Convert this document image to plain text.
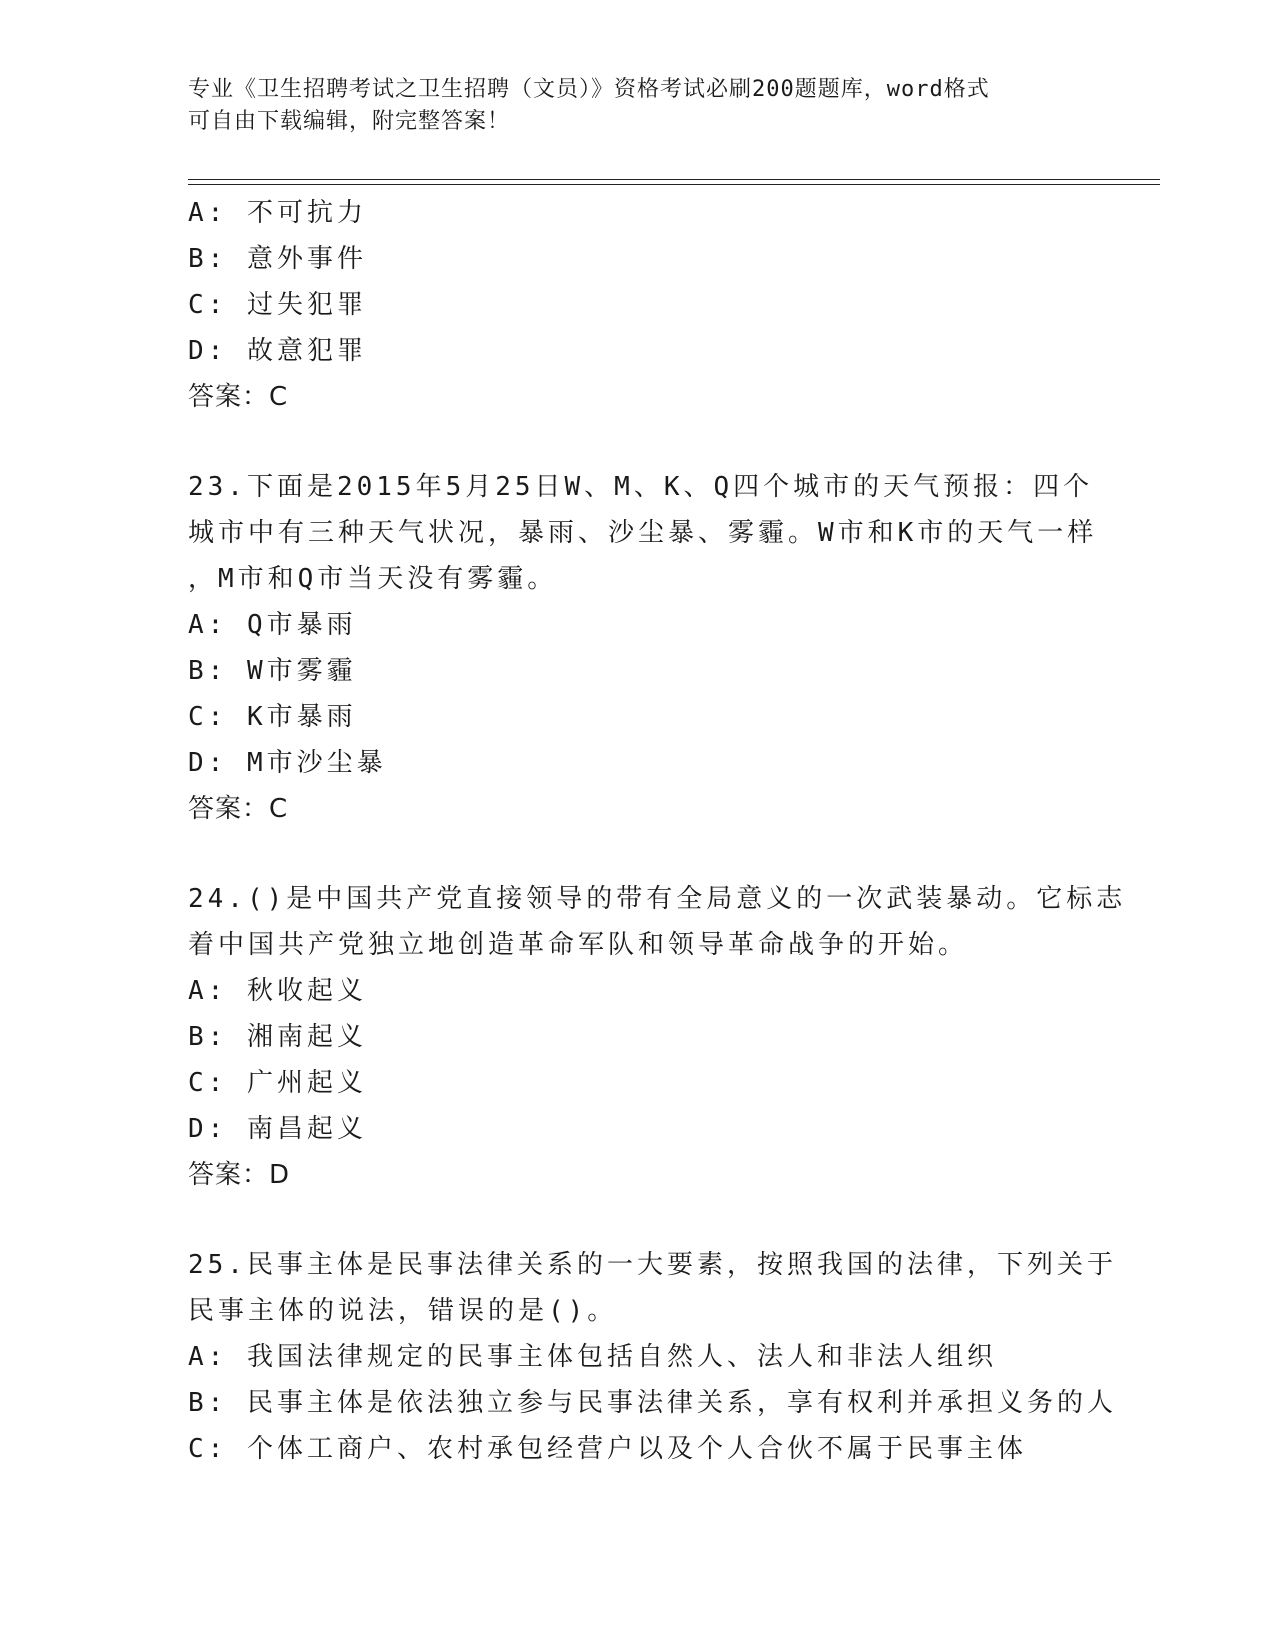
专业《卫生招聘考试之卫生招聘（文员）》资格考试必刷200题题库，word格式
可自由下载编辑，附完整答案！
A: 不可抗力
B: 意外事件
C: 过失犯罪
D: 故意犯罪
答案：C
23.下面是2015年5月25日W、M、K、Q四个城市的天气预报：四个
城市中有三种天气状况，暴雨、沙尘暴、雾霾。W市和K市的天气一样
，M市和Q市当天没有雾霾。
A: Q市暴雨
B: W市雾霾
C: K市暴雨
D: M市沙尘暴
答案：C
24.()是中国共产党直接领导的带有全局意义的一次武装暴动。它标志
着中国共产党独立地创造革命军队和领导革命战争的开始。
A: 秋收起义
B: 湘南起义
C: 广州起义
D: 南昌起义
答案：D
25.民事主体是民事法律关系的一大要素，按照我国的法律，下列关于
民事主体的说法，错误的是()。
A: 我国法律规定的民事主体包括自然人、法人和非法人组织
B: 民事主体是依法独立参与民事法律关系，享有权利并承担义务的人
C: 个体工商户、农村承包经营户以及个人合伙不属于民事主体
